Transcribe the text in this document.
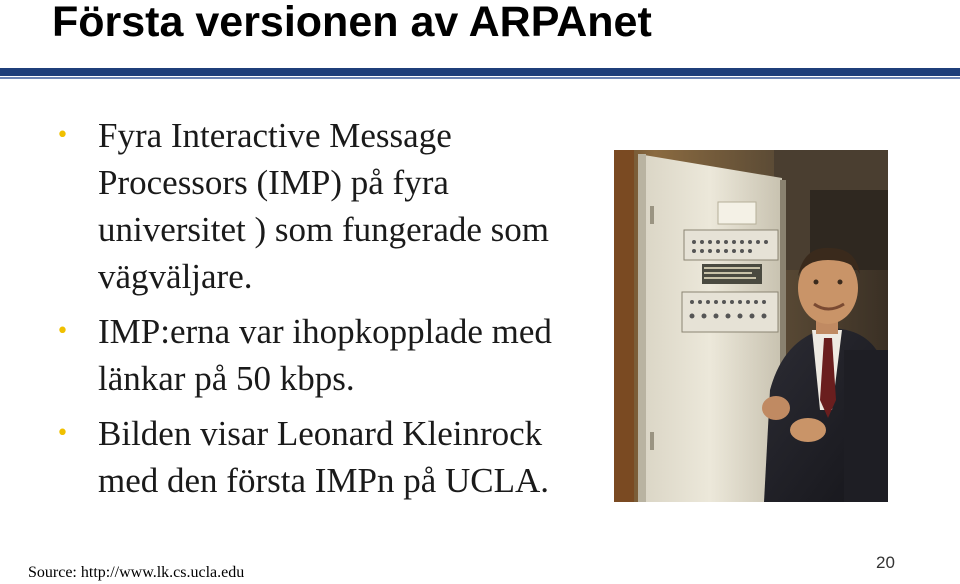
Första versionen av ARPAnet
• Fyra Interactive Message Processors (IMP) på fyra universitet ) som fungerade som vägväljare.
• IMP:erna var ihopkopplade med länkar på 50 kbps.
• Bilden visar Leonard Kleinrock med den första IMPn på UCLA.
Source: http://www.lk.cs.ucla.edu
20
